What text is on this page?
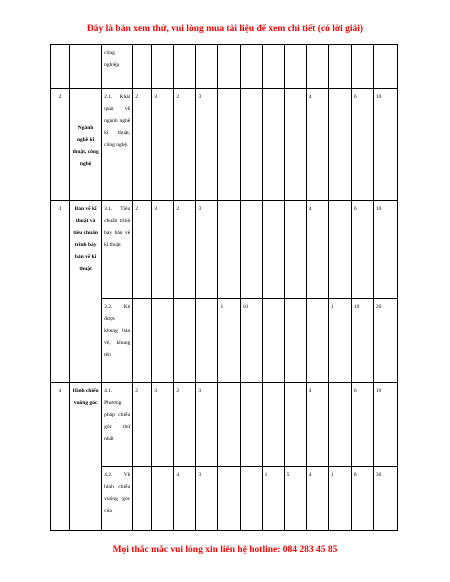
Đây là bản xem thử, vui lòng mua tài liệu để xem chi tiết (có lời giải)
		công nghiệp												
2	Ngành nghề kĩ thuật, công nghệ	2.1. Khái quát về ngành nghề kĩ thuật, công nghệ.	2	3	2	3					4		6	10
3	Bản vẽ kĩ thuật và tiêu chuẩn trình bày bản vẽ kĩ thuật	3.1. Tiêu chuẩn trình bày bản vẽ kĩ thuật	2	3	2	3					4		6	10
		3.2. Kẻ được khung bản vẽ, khung tên					1	10				1	10	20
4	Hình chiếu vuông góc	4.1. Phương pháp chiếu góc thứ nhất	2	3	2	3					4		6	10
		4.2. Vẽ hình chiếu vuông góc của			4	3			1	5	4	1	8	30
Mọi thắc mắc vui lòng xin liên hệ hotline: 084 283 45 85
